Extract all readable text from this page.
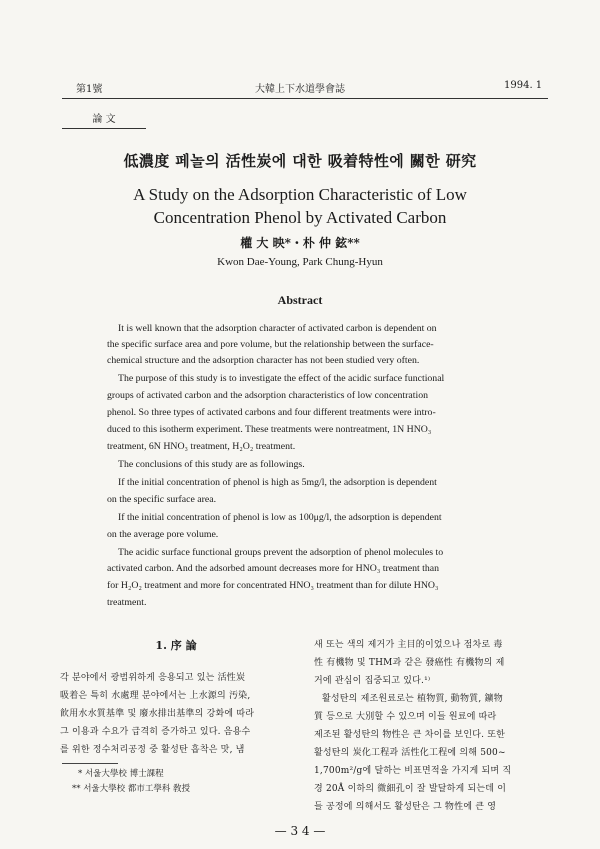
第1號	大韓上下水道學會誌	1994. 1
論 文
低濃度 페놀의 活性炭에 대한 吸着特性에 關한 研究
A Study on the Adsorption Characteristic of Low
Concentration Phenol by Activated Carbon
權 大 映*・朴 仲 鉉**
Kwon Dae-Young, Park Chung-Hyun
Abstract
It is well known that the adsorption character of activated carbon is dependent on
the specific surface area and pore volume, but the relationship between the surface-
chemical structure and the adsorption character has not been studied very often.
The purpose of this study is to investigate the effect of the acidic surface functional
groups of activated carbon and the adsorption characteristics of low concentration
phenol. So three types of activated carbons and four different treatments were intro-
duced to this isotherm experiment. These treatments were nontreatment, 1N HNO₃
treatment, 6N HNO₃ treatment, H₂O₂ treatment.
The conclusions of this study are as followings.
If the initial concentration of phenol is high as 5mg/l, the adsorption is dependent
on the specific surface area.
If the initial concentration of phenol is low as 100μg/l, the adsorption is dependent
on the average pore volume.
The acidic surface functional groups prevent the adsorption of phenol molecules to
activated carbon. And the adsorbed amount decreases more for HNO₃ treatment than
for H₂O₂ treatment and more for concentrated HNO₃ treatment than for dilute HNO₃
treatment.
1. 序 論
각 분야에서 광범위하게 응용되고 있는 活性炭
吸着은 특히 水處理 분야에서는 上水源의 汚染,
飮用水水質基準 및 廢水排出基準의 강화에 따라
그 이용과 수요가 급격히 증가하고 있다. 음용수
를 위한 정수처리공정 중 활성탄 흡착은 맛, 냄
* 서울大學校 博士課程
** 서울大學校 都市工學科 敎授
새 또는 색의 제거가 主目的이었으나 점차로 毒
性 有機物 및 THM과 같은 發癌性 有機物의 제
거에 관심이 집중되고 있다.¹⁾
활성탄의 제조원료로는 植物質, 動物質, 鑛物
質 등으로 大別할 수 있으며 이들 원료에 따라
제조된 활성탄의 物性은 큰 차이를 보인다. 또한
활성탄의 炭化工程과 活性化工程에 의해 500~
1,700m²/g에 달하는 비표면적을 가지게 되며 직
경 20Å 이하의 微細孔이 잘 발달하게 되는데 이
들 공정에 의해서도 활성탄은 그 物性에 큰 영
— 3 4 —
